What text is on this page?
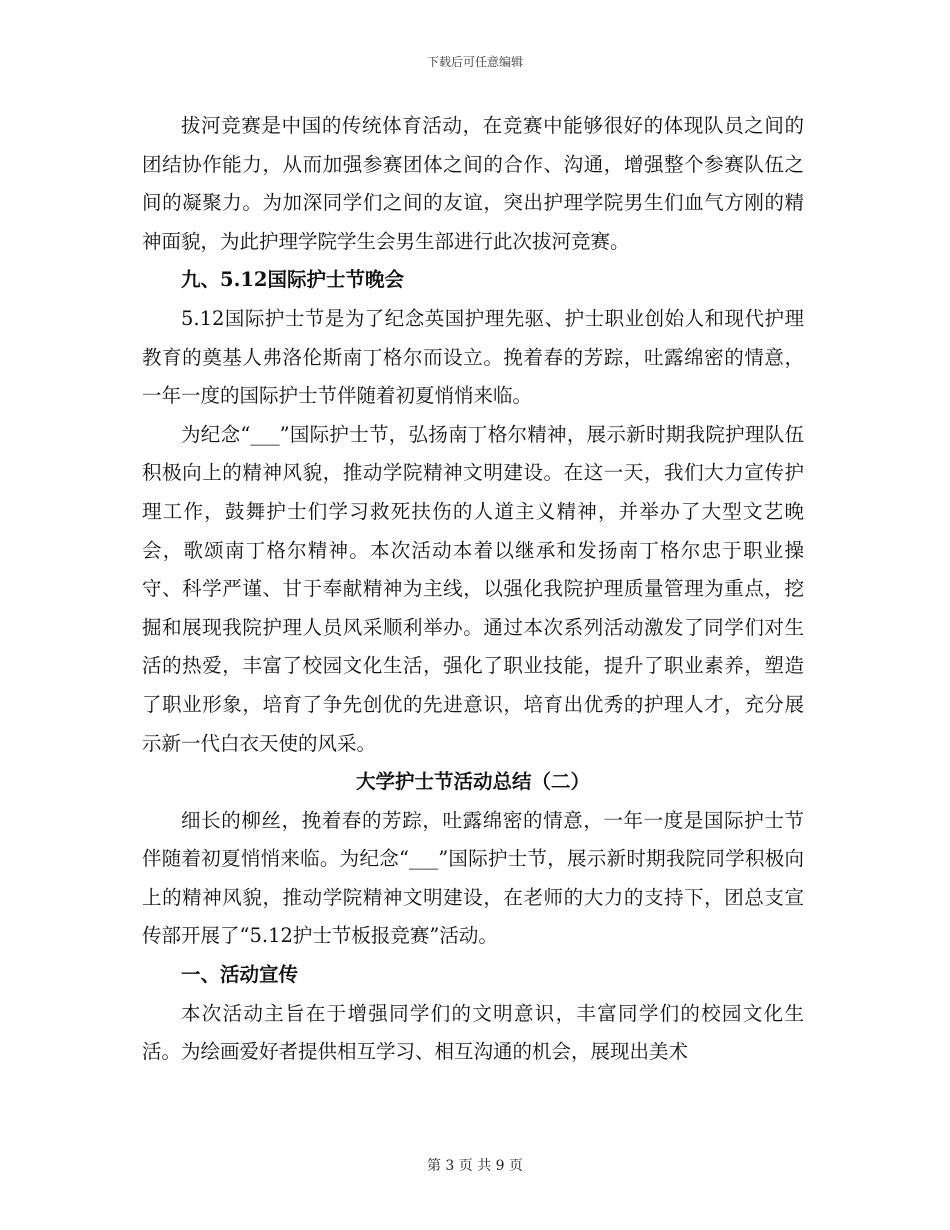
下载后可任意编辑

拔河竞赛是中国的传统体育活动，在竞赛中能够很好的体现队员之间的团结协作能力，从而加强参赛团体之间的合作、沟通，增强整个参赛队伍之间的凝聚力。为加深同学们之间的友谊，突出护理学院男生们血气方刚的精神面貌，为此护理学院学生会男生部进行此次拔河竞赛。

九、5.12国际护士节晚会

5.12国际护士节是为了纪念英国护理先驱、护士职业创始人和现代护理教育的奠基人弗洛伦斯南丁格尔而设立。挽着春的芳踪，吐露绵密的情意，一年一度的国际护士节伴随着初夏悄悄来临。

为纪念“___”国际护士节，弘扬南丁格尔精神，展示新时期我院护理队伍积极向上的精神风貌，推动学院精神文明建设。在这一天，我们大力宣传护理工作，鼓舞护士们学习救死扶伤的人道主义精神，并举办了大型文艺晚会，歌颂南丁格尔精神。本次活动本着以继承和发扬南丁格尔忠于职业操守、科学严谨、甘于奉献精神为主线，以强化我院护理质量管理为重点，挖掘和展现我院护理人员风采顺利举办。通过本次系列活动激发了同学们对生活的热爱，丰富了校园文化生活，强化了职业技能，提升了职业素养，塑造了职业形象，培育了争先创优的先进意识，培育出优秀的护理人才，充分展示新一代白衣天使的风采。

大学护士节活动总结（二）

细长的柳丝，挽着春的芳踪，吐露绵密的情意，一年一度是国际护士节伴随着初夏悄悄来临。为纪念“___”国际护士节，展示新时期我院同学积极向上的精神风貌，推动学院精神文明建设，在老师的大力的支持下，团总支宣传部开展了“5.12护士节板报竞赛”活动。

一、活动宣传

本次活动主旨在于增强同学们的文明意识，丰富同学们的校园文化生活。为绘画爱好者提供相互学习、相互沟通的机会，展现出美术

第 3 页 共 9 页
